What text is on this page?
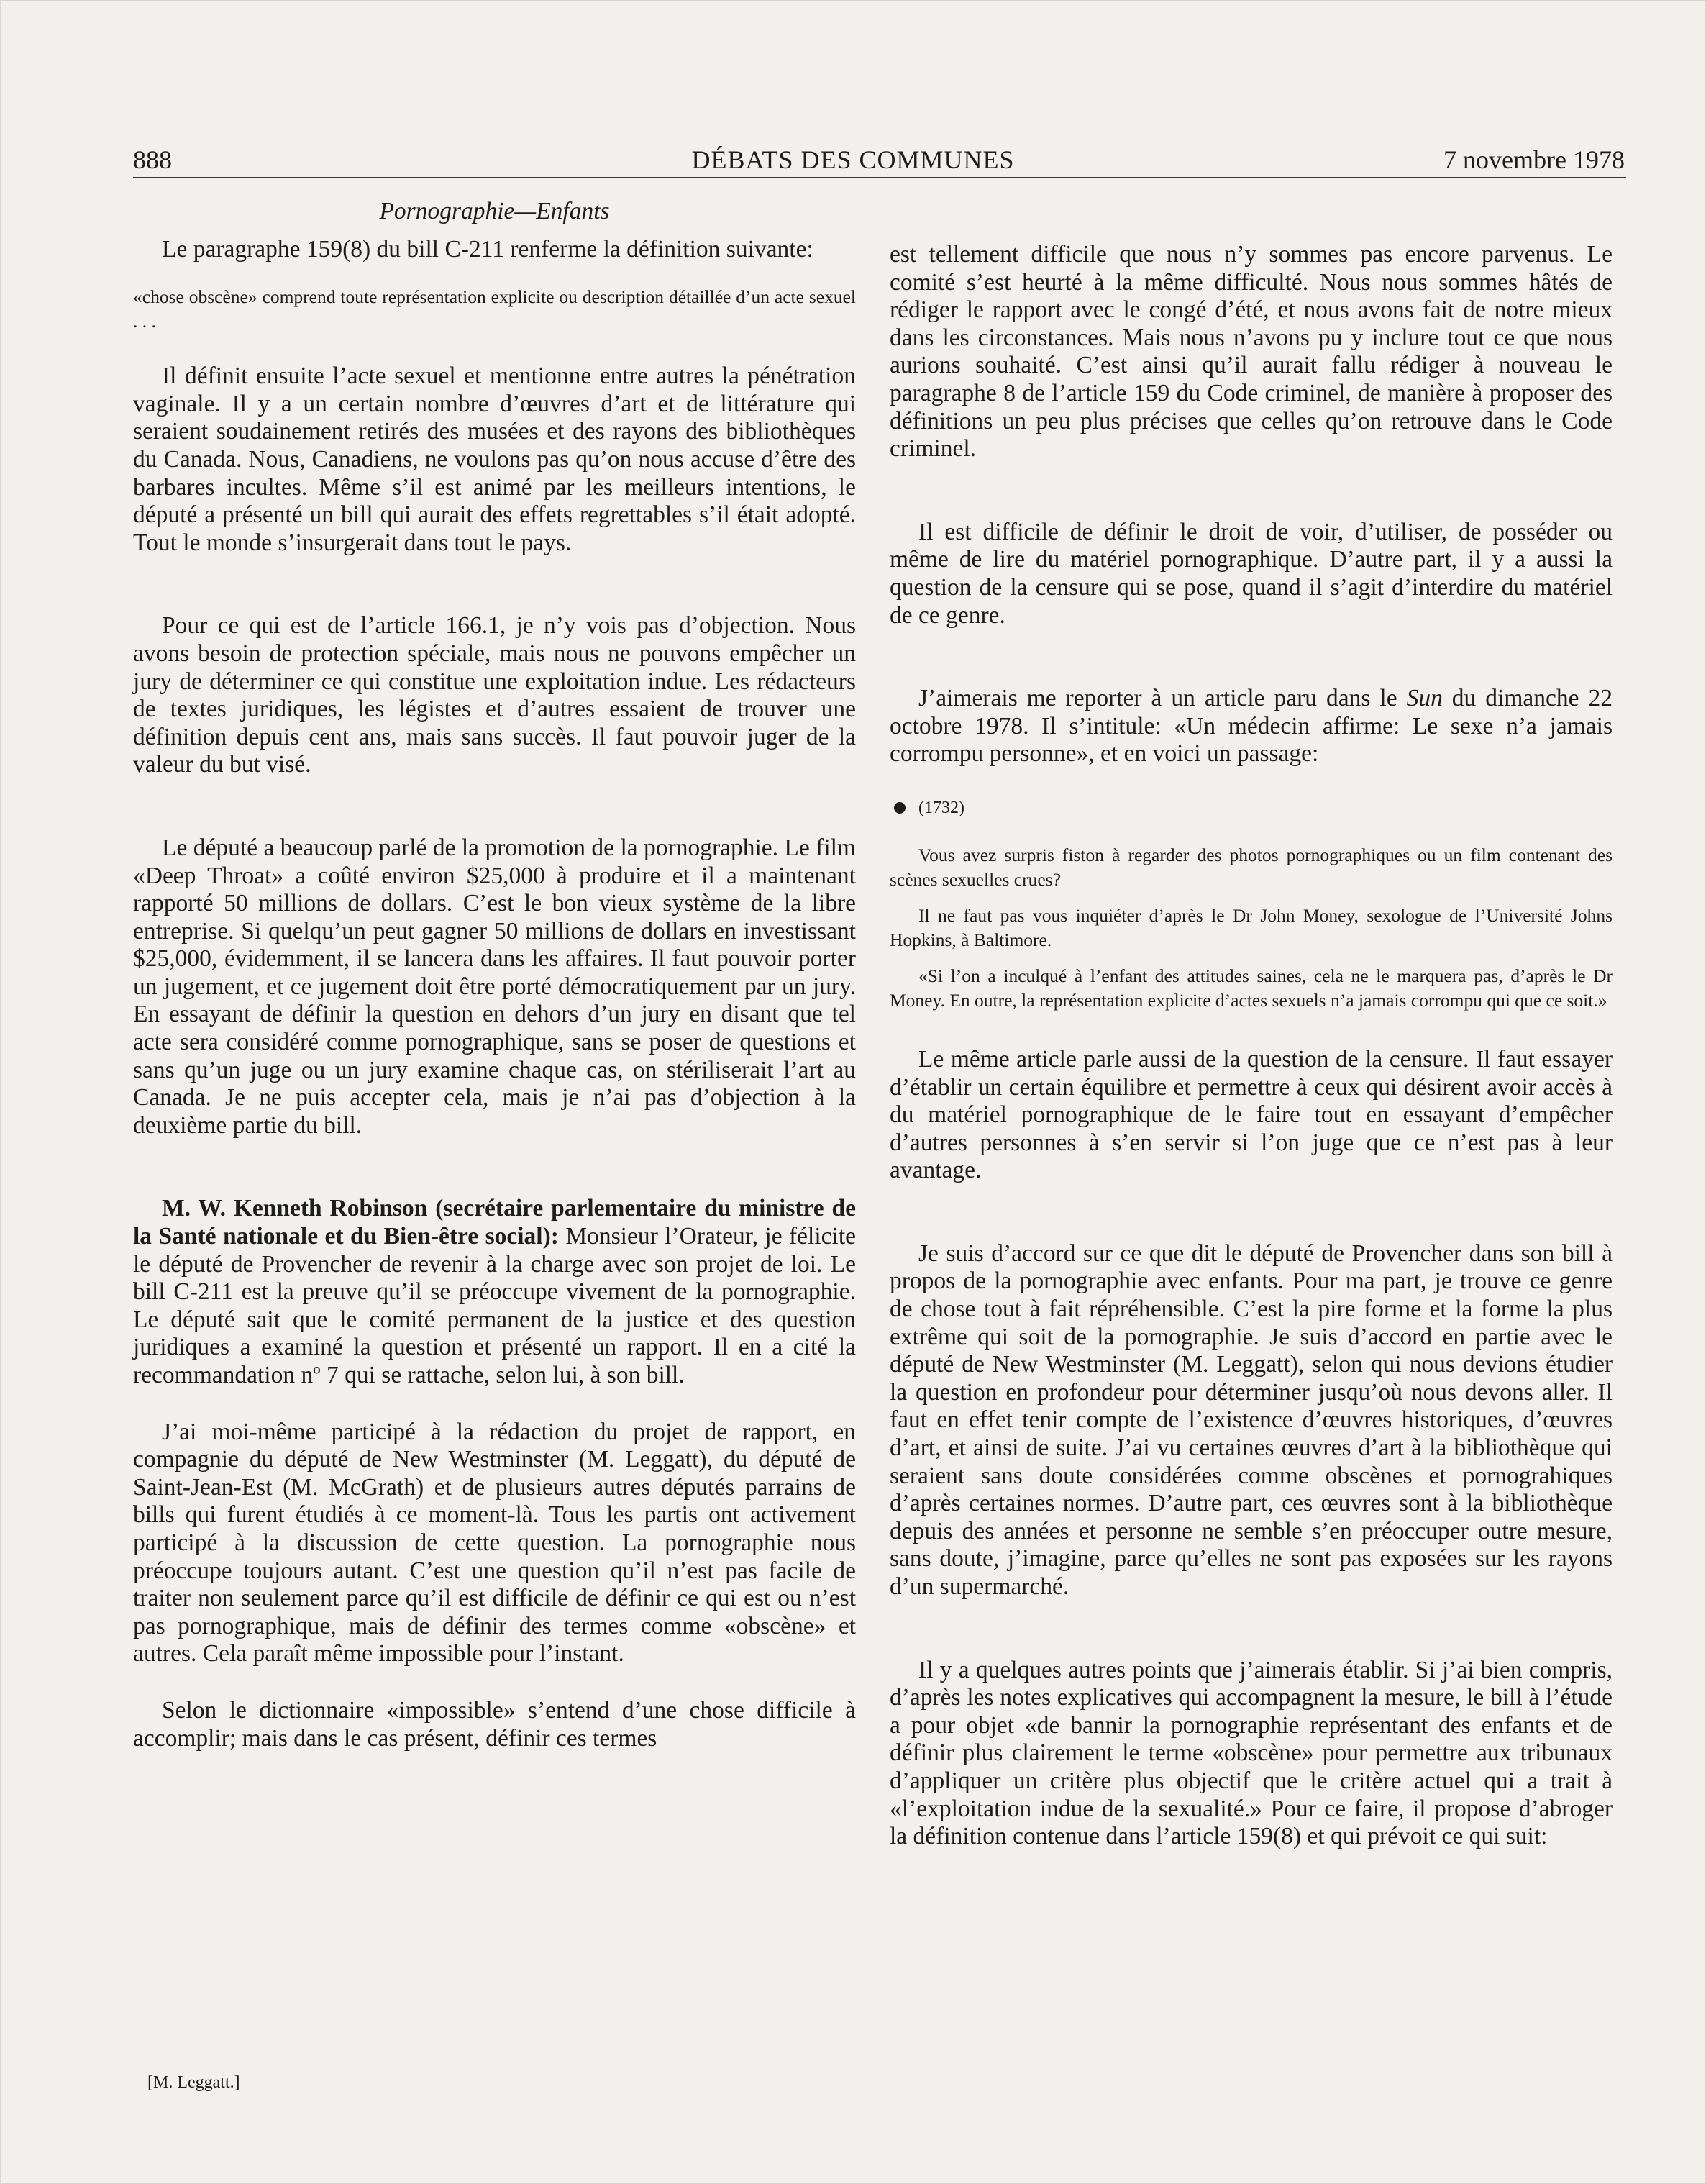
888	DÉBATS DES COMMUNES	7 novembre 1978
Pornographie—Enfants

Le paragraphe 159(8) du bill C-211 renferme la définition suivante:

«chose obscène» comprend toute représentation explicite ou description détaillée d’un acte sexuel . . .

Il définit ensuite l’acte sexuel et mentionne entre autres la pénétration vaginale. Il y a un certain nombre d’œuvres d’art et de littérature qui seraient soudainement retirés des musées et des rayons des bibliothèques du Canada. Nous, Canadiens, ne voulons pas qu’on nous accuse d’être des barbares incultes. Même s’il est animé par les meilleurs intentions, le député a présenté un bill qui aurait des effets regrettables s’il était adopté. Tout le monde s’insurgerait dans tout le pays.

Pour ce qui est de l’article 166.1, je n’y vois pas d’objection. Nous avons besoin de protection spéciale, mais nous ne pouvons empêcher un jury de déterminer ce qui constitue une exploitation indue. Les rédacteurs de textes juridiques, les légistes et d’autres essaient de trouver une définition depuis cent ans, mais sans succès. Il faut pouvoir juger de la valeur du but visé.

Le député a beaucoup parlé de la promotion de la pornographie. Le film «Deep Throat» a coûté environ $25,000 à produire et il a maintenant rapporté 50 millions de dollars. C’est le bon vieux système de la libre entreprise. Si quelqu’un peut gagner 50 millions de dollars en investissant $25,000, évidemment, il se lancera dans les affaires. Il faut pouvoir porter un jugement, et ce jugement doit être porté démocratiquement par un jury. En essayant de définir la question en dehors d’un jury en disant que tel acte sera considéré comme pornographique, sans se poser de questions et sans qu’un juge ou un jury examine chaque cas, on stériliserait l’art au Canada. Je ne puis accepter cela, mais je n’ai pas d’objection à la deuxième partie du bill.

M. W. Kenneth Robinson (secrétaire parlementaire du ministre de la Santé nationale et du Bien-être social): Monsieur l’Orateur, je félicite le député de Provencher de revenir à la charge avec son projet de loi. Le bill C-211 est la preuve qu’il se préoccupe vivement de la pornographie. Le député sait que le comité permanent de la justice et des question juridiques a examiné la question et présenté un rapport. Il en a cité la recommandation nº 7 qui se rattache, selon lui, à son bill.

J’ai moi-même participé à la rédaction du projet de rapport, en compagnie du député de New Westminster (M. Leggatt), du député de Saint-Jean-Est (M. McGrath) et de plusieurs autres députés parrains de bills qui furent étudiés à ce moment-là. Tous les partis ont activement participé à la discussion de cette question. La pornographie nous préoccupe toujours autant. C’est une question qu’il n’est pas facile de traiter non seulement parce qu’il est difficile de définir ce qui est ou n’est pas pornographique, mais de définir des termes comme «obscène» et autres. Cela paraît même impossible pour l’instant.

Selon le dictionnaire «impossible» s’entend d’une chose difficile à accomplir; mais dans le cas présent, définir ces termes

[M. Leggatt.]

est tellement difficile que nous n’y sommes pas encore parvenus. Le comité s’est heurté à la même difficulté. Nous nous sommes hâtés de rédiger le rapport avec le congé d’été, et nous avons fait de notre mieux dans les circonstances. Mais nous n’avons pu y inclure tout ce que nous aurions souhaité. C’est ainsi qu’il aurait fallu rédiger à nouveau le paragraphe 8 de l’article 159 du Code criminel, de manière à proposer des définitions un peu plus précises que celles qu’on retrouve dans le Code criminel.

Il est difficile de définir le droit de voir, d’utiliser, de posséder ou même de lire du matériel pornographique. D’autre part, il y a aussi la question de la censure qui se pose, quand il s’agit d’interdire du matériel de ce genre.

J’aimerais me reporter à un article paru dans le Sun du dimanche 22 octobre 1978. Il s’intitule: «Un médecin affirme: Le sexe n’a jamais corrompu personne», et en voici un passage:

(1732)

Vous avez surpris fiston à regarder des photos pornographiques ou un film contenant des scènes sexuelles crues?

Il ne faut pas vous inquiéter d’après le Dr John Money, sexologue de l’Université Johns Hopkins, à Baltimore.

«Si l’on a inculqué à l’enfant des attitudes saines, cela ne le marquera pas, d’après le Dr Money. En outre, la représentation explicite d’actes sexuels n’a jamais corrompu qui que ce soit.»

Le même article parle aussi de la question de la censure. Il faut essayer d’établir un certain équilibre et permettre à ceux qui désirent avoir accès à du matériel pornographique de le faire tout en essayant d’empêcher d’autres personnes à s’en servir si l’on juge que ce n’est pas à leur avantage.

Je suis d’accord sur ce que dit le député de Provencher dans son bill à propos de la pornographie avec enfants. Pour ma part, je trouve ce genre de chose tout à fait répréhensible. C’est la pire forme et la forme la plus extrême qui soit de la pornographie. Je suis d’accord en partie avec le député de New Westminster (M. Leggatt), selon qui nous devions étudier la question en profondeur pour déterminer jusqu’où nous devons aller. Il faut en effet tenir compte de l’existence d’œuvres historiques, d’œuvres d’art, et ainsi de suite. J’ai vu certaines œuvres d’art à la bibliothèque qui seraient sans doute considérées comme obscènes et pornograhiques d’après certaines normes. D’autre part, ces œuvres sont à la bibliothèque depuis des années et personne ne semble s’en préoccuper outre mesure, sans doute, j’imagine, parce qu’elles ne sont pas exposées sur les rayons d’un supermarché.

Il y a quelques autres points que j’aimerais établir. Si j’ai bien compris, d’après les notes explicatives qui accompagnent la mesure, le bill à l’étude a pour objet «de bannir la pornographie représentant des enfants et de définir plus clairement le terme «obscène» pour permettre aux tribunaux d’appliquer un critère plus objectif que le critère actuel qui a trait à «l’exploitation indue de la sexualité.» Pour ce faire, il propose d’abroger la définition contenue dans l’article 159(8) et qui prévoit ce qui suit:
